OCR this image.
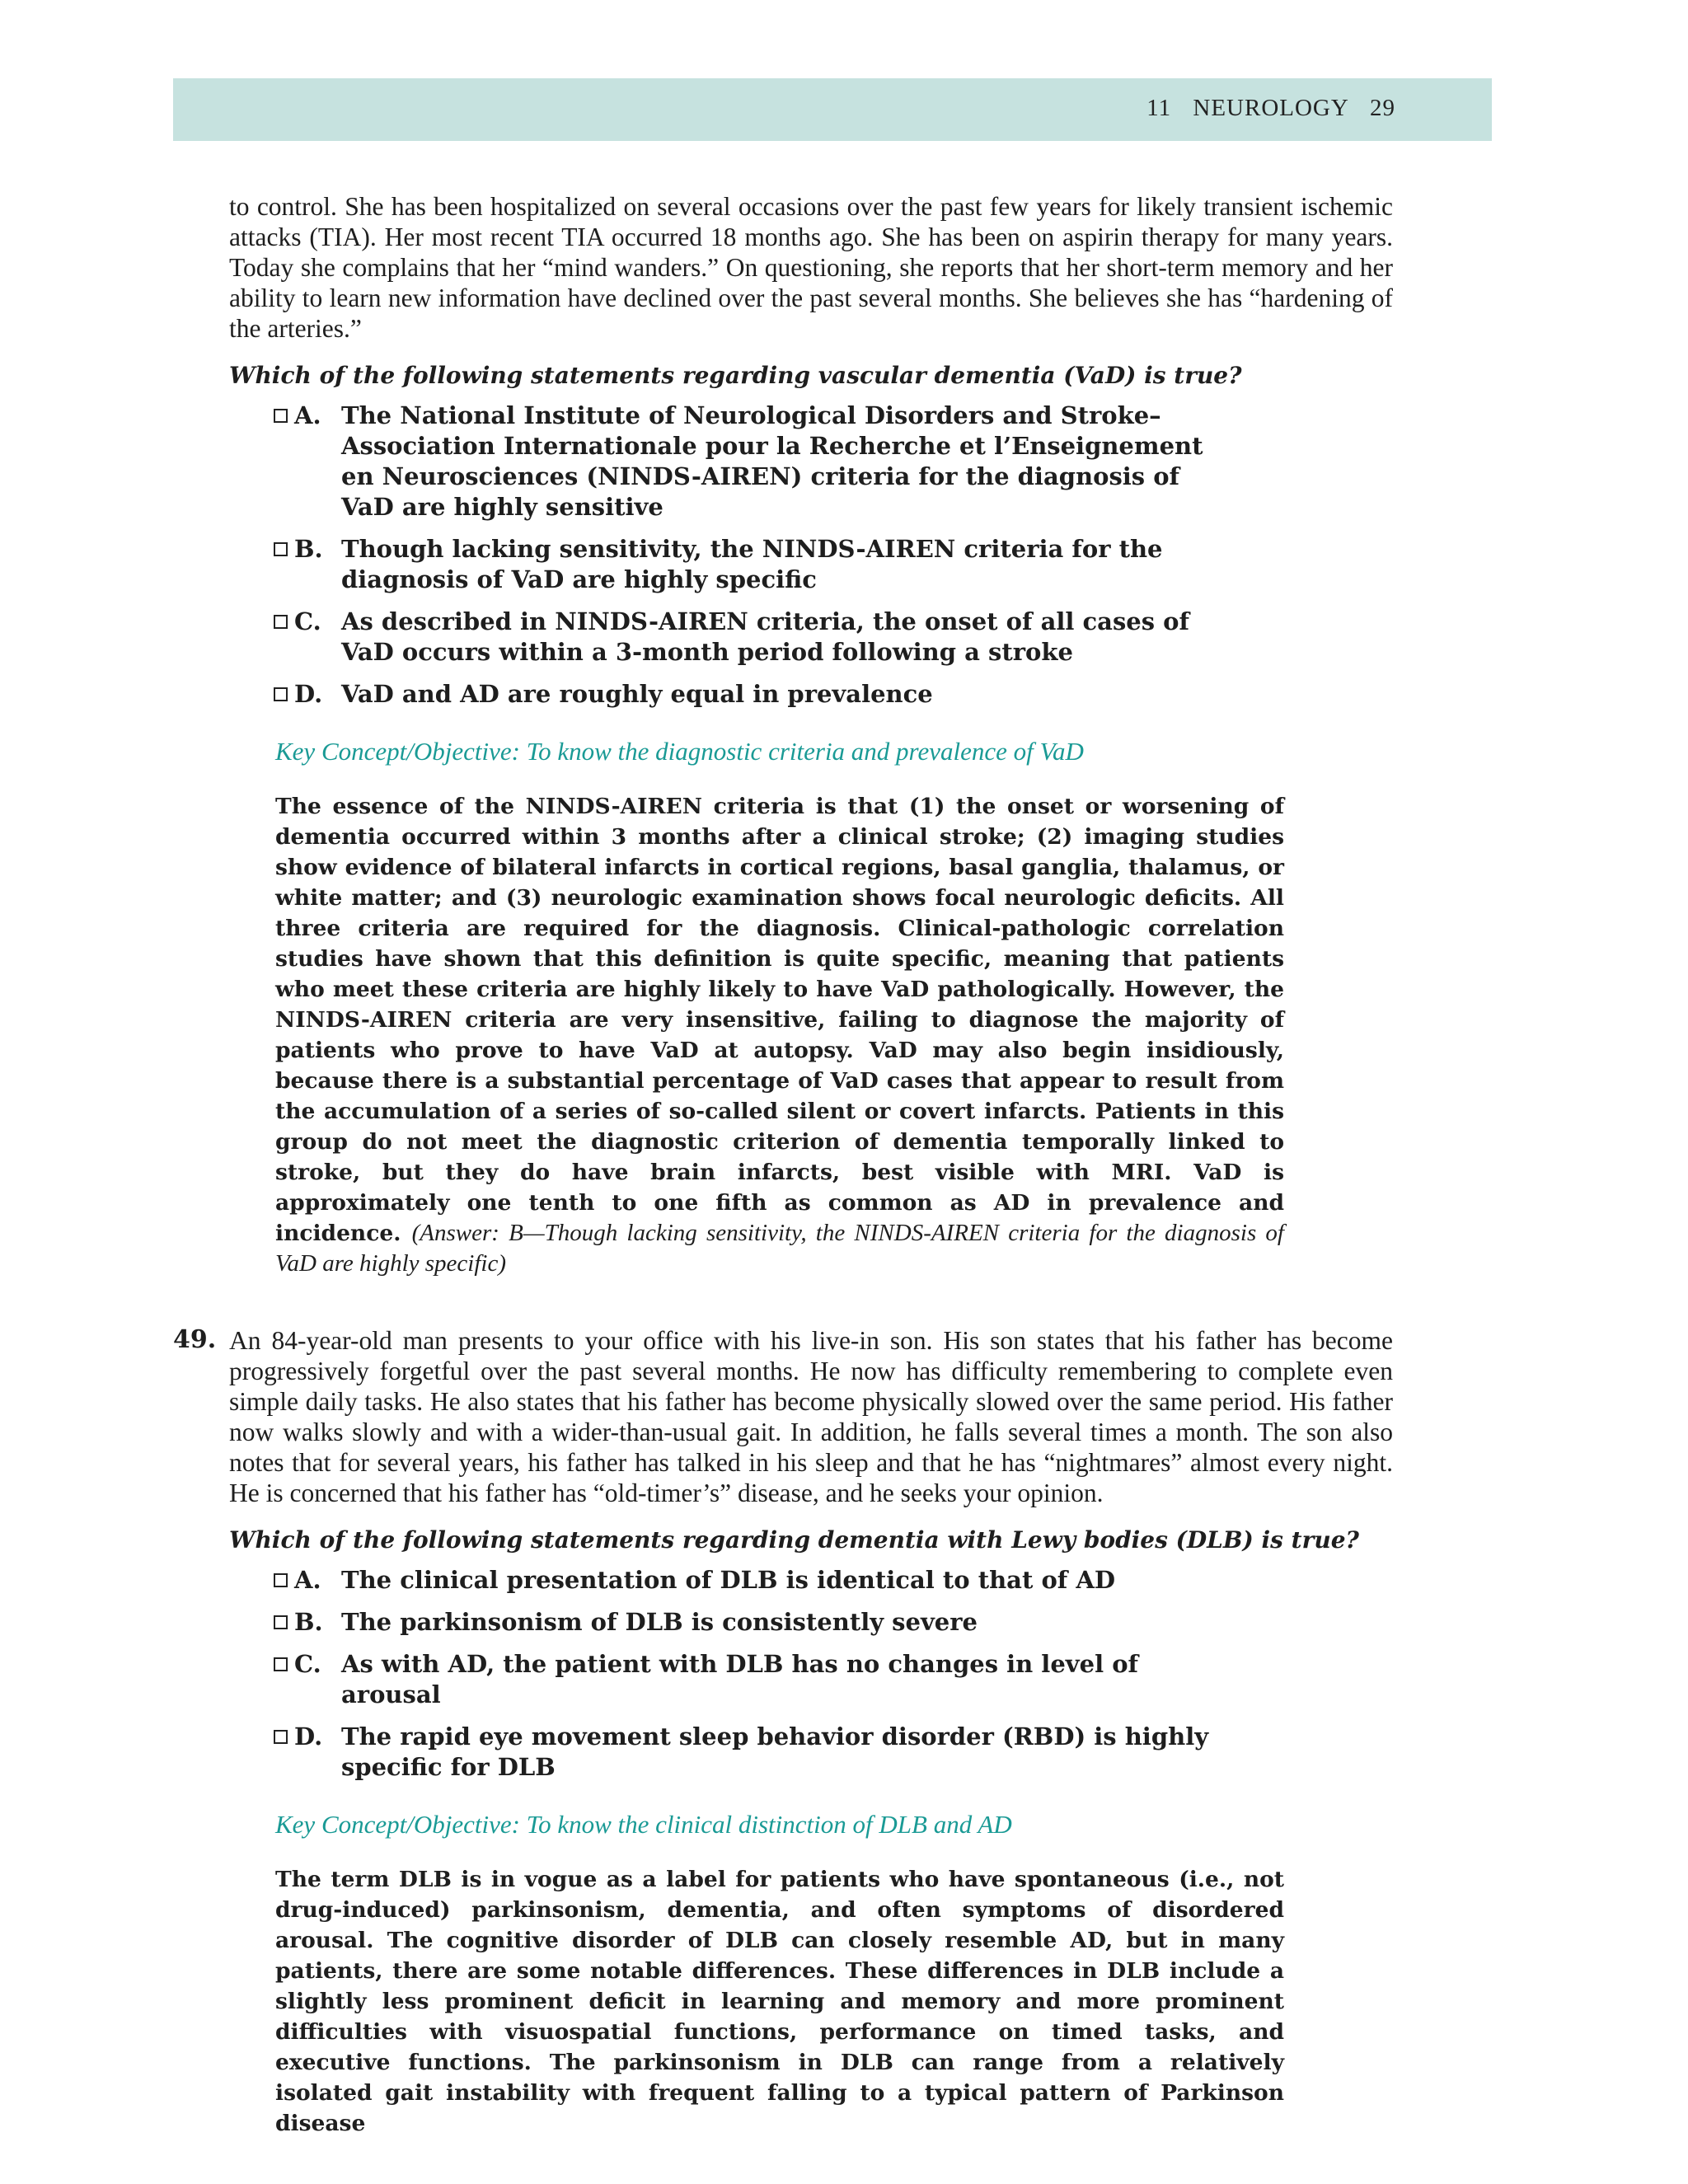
11 NEUROLOGY 29

to control. She has been hospitalized on several occasions over the past few years for likely transient ischemic attacks (TIA). Her most recent TIA occurred 18 months ago. She has been on aspirin therapy for many years. Today she complains that her “mind wanders.” On questioning, she reports that her short-term memory and her ability to learn new information have declined over the past several months. She believes she has “hardening of the arteries.”

Which of the following statements regarding vascular dementia (VaD) is true?

A. The National Institute of Neurological Disorders and Stroke–Association Internationale pour la Recherche et l’Enseignement en Neurosciences (NINDS-AIREN) criteria for the diagnosis of VaD are highly sensitive
B. Though lacking sensitivity, the NINDS-AIREN criteria for the diagnosis of VaD are highly specific
C. As described in NINDS-AIREN criteria, the onset of all cases of VaD occurs within a 3-month period following a stroke
D. VaD and AD are roughly equal in prevalence

Key Concept/Objective: To know the diagnostic criteria and prevalence of VaD

The essence of the NINDS-AIREN criteria is that (1) the onset or worsening of dementia occurred within 3 months after a clinical stroke; (2) imaging studies show evidence of bilateral infarcts in cortical regions, basal ganglia, thalamus, or white matter; and (3) neurologic examination shows focal neurologic deficits. All three criteria are required for the diagnosis. Clinical-pathologic correlation studies have shown that this definition is quite specific, meaning that patients who meet these criteria are highly likely to have VaD pathologically. However, the NINDS-AIREN criteria are very insensitive, failing to diagnose the majority of patients who prove to have VaD at autopsy. VaD may also begin insidiously, because there is a substantial percentage of VaD cases that appear to result from the accumulation of a series of so-called silent or covert infarcts. Patients in this group do not meet the diagnostic criterion of dementia temporally linked to stroke, but they do have brain infarcts, best visible with MRI. VaD is approximately one tenth to one fifth as common as AD in prevalence and incidence. (Answer: B—Though lacking sensitivity, the NINDS-AIREN criteria for the diagnosis of VaD are highly specific)

49. An 84-year-old man presents to your office with his live-in son. His son states that his father has become progressively forgetful over the past several months. He now has difficulty remembering to complete even simple daily tasks. He also states that his father has become physically slowed over the same period. His father now walks slowly and with a wider-than-usual gait. In addition, he falls several times a month. The son also notes that for several years, his father has talked in his sleep and that he has “nightmares” almost every night. He is concerned that his father has “old-timer’s” disease, and he seeks your opinion.

Which of the following statements regarding dementia with Lewy bodies (DLB) is true?

A. The clinical presentation of DLB is identical to that of AD
B. The parkinsonism of DLB is consistently severe
C. As with AD, the patient with DLB has no changes in level of arousal
D. The rapid eye movement sleep behavior disorder (RBD) is highly specific for DLB

Key Concept/Objective: To know the clinical distinction of DLB and AD

The term DLB is in vogue as a label for patients who have spontaneous (i.e., not drug-induced) parkinsonism, dementia, and often symptoms of disordered arousal. The cognitive disorder of DLB can closely resemble AD, but in many patients, there are some notable differences. These differences in DLB include a slightly less prominent deficit in learning and memory and more prominent difficulties with visuospatial functions, performance on timed tasks, and executive functions. The parkinsonism in DLB can range from a relatively isolated gait instability with frequent falling to a typical pattern of Parkinson disease
